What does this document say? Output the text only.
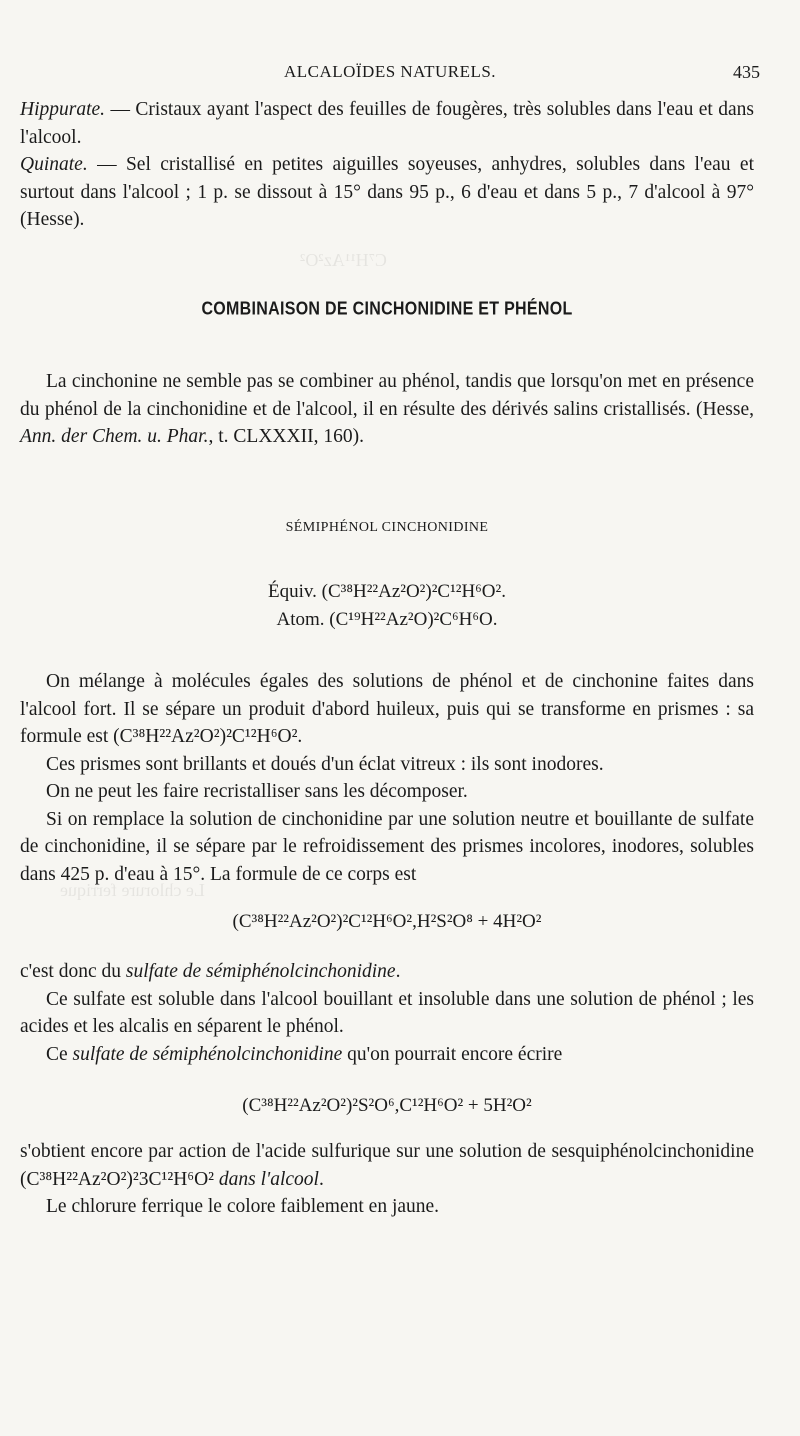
C⁷H¹¹Az²O²
Le chlorure ferrique
ALCALOÏDES NATURELS.	435

Hippurate. — Cristaux ayant l'aspect des feuilles de fougères, très solubles dans l'eau et dans l'alcool.

Quinate. — Sel cristallisé en petites aiguilles soyeuses, anhydres, solubles dans l'eau et surtout dans l'alcool ; 1 p. se dissout à 15° dans 95 p., 6 d'eau et dans 5 p., 7 d'alcool à 97° (Hesse).

COMBINAISON DE CINCHONIDINE ET PHÉNOL

La cinchonine ne semble pas se combiner au phénol, tandis que lorsqu'on met en présence du phénol de la cinchonidine et de l'alcool, il en résulte des dérivés salins cristallisés. (Hesse, Ann. der Chem. u. Phar., t. CLXXXII, 160).

SÉMIPHÉNOL CINCHONIDINE
Équiv. (C³⁸H²²Az²O²)²C¹²H⁶O².
Atom. (C¹⁹H²²Az²O)²C⁶H⁶O.

On mélange à molécules égales des solutions de phénol et de cinchonine faites dans l'alcool fort. Il se sépare un produit d'abord huileux, puis qui se transforme en prismes : sa formule est (C³⁸H²²Az²O²)²C¹²H⁶O².

Ces prismes sont brillants et doués d'un éclat vitreux : ils sont inodores.

On ne peut les faire recristalliser sans les décomposer.

Si on remplace la solution de cinchonidine par une solution neutre et bouillante de sulfate de cinchonidine, il se sépare par le refroidissement des prismes incolores, inodores, solubles dans 425 p. d'eau à 15°. La formule de ce corps est

(C³⁸H²²Az²O²)²C¹²H⁶O²,H²S²O⁸ + 4H²O²

c'est donc du sulfate de sémiphénolcinchonidine.

Ce sulfate est soluble dans l'alcool bouillant et insoluble dans une solution de phénol ; les acides et les alcalis en séparent le phénol.

Ce sulfate de sémiphénolcinchonidine qu'on pourrait encore écrire

(C³⁸H²²Az²O²)²S²O⁶,C¹²H⁶O² + 5H²O²

s'obtient encore par action de l'acide sulfurique sur une solution de sesquiphénolcinchonidine (C³⁸H²²Az²O²)²3C¹²H⁶O² dans l'alcool.

Le chlorure ferrique le colore faiblement en jaune.
